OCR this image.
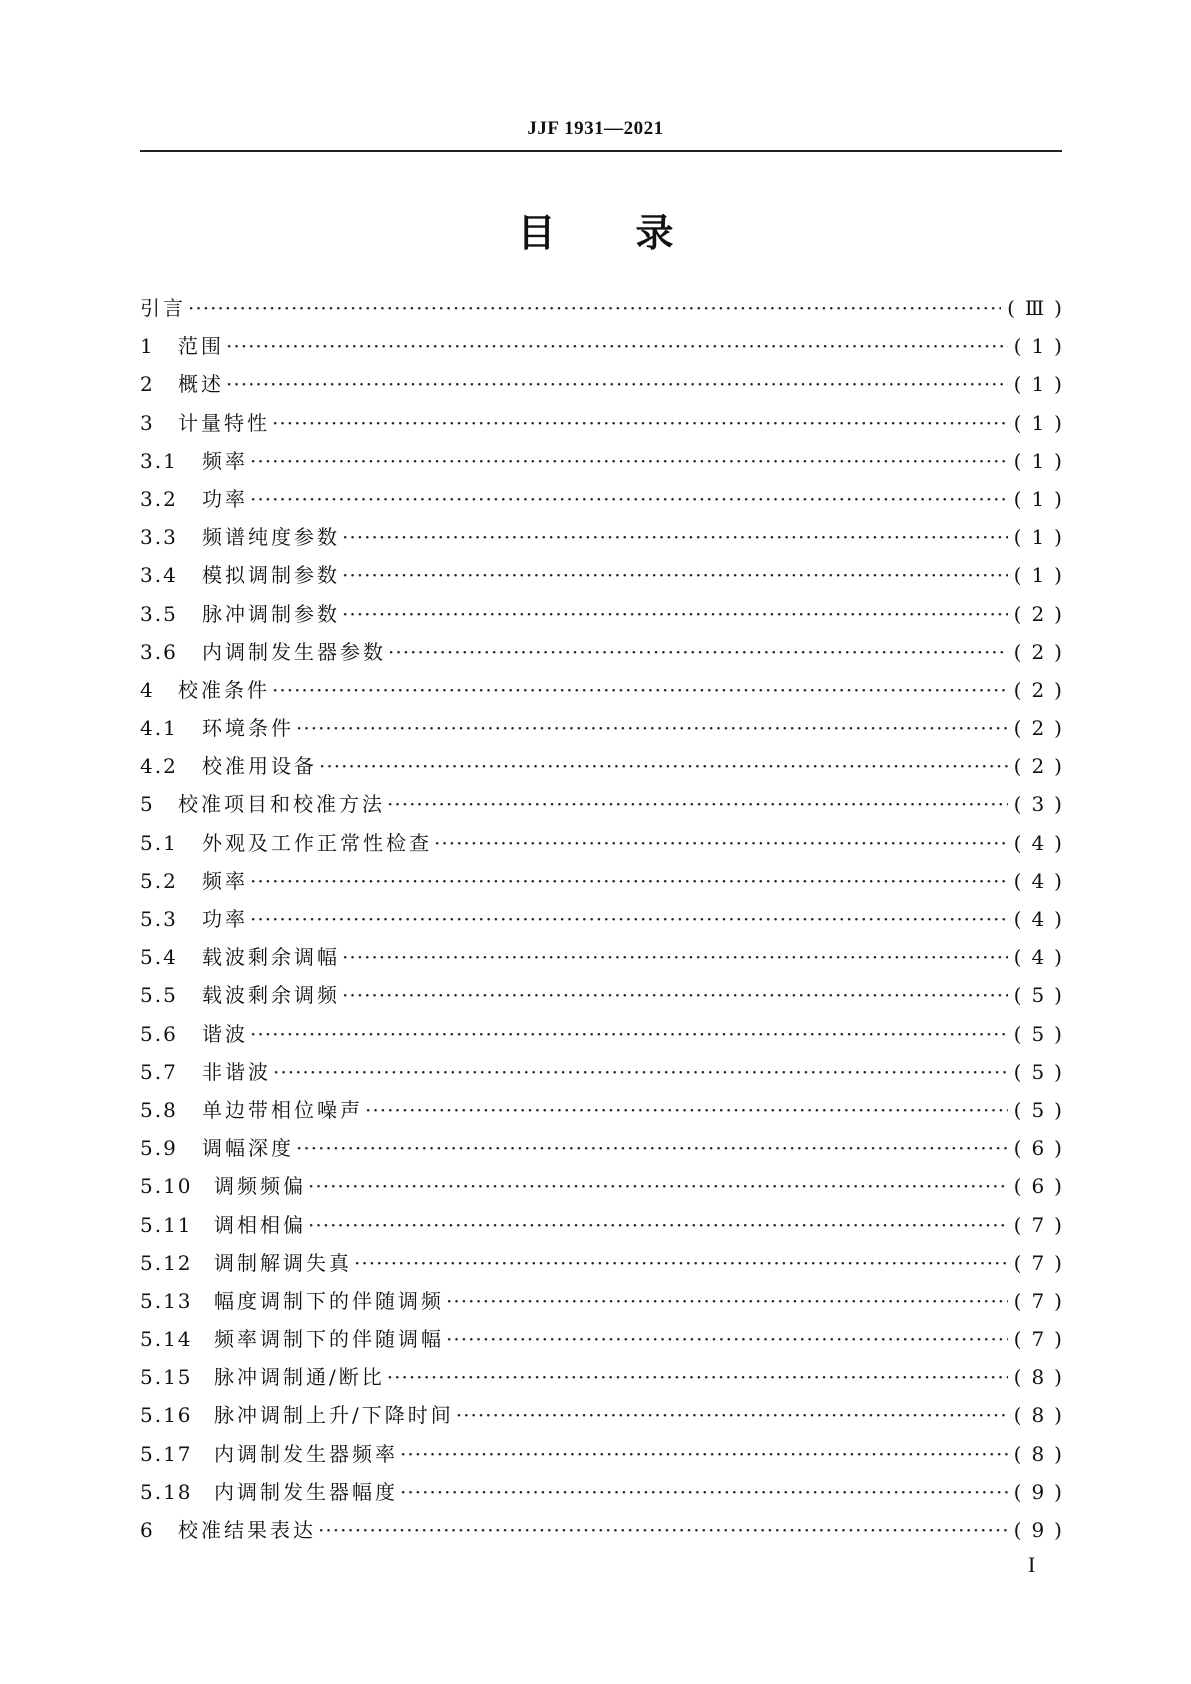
JJF 1931—2021
目录
引言 ·····	(Ⅲ)
1	范围 ·····	(1)
2	概述 ·····	(1)
3	计量特性 ·····	(1)
3.1	频率 ·····	(1)
3.2	功率 ·····	(1)
3.3	频谱纯度参数 ·····	(1)
3.4	模拟调制参数 ·····	(1)
3.5	脉冲调制参数 ·····	(2)
3.6	内调制发生器参数 ·····	(2)
4	校准条件 ·····	(2)
4.1	环境条件 ·····	(2)
4.2	校准用设备 ·····	(2)
5	校准项目和校准方法 ·····	(3)
5.1	外观及工作正常性检查 ·····	(4)
5.2	频率 ·····	(4)
5.3	功率 ·····	(4)
5.4	载波剩余调幅 ·····	(4)
5.5	载波剩余调频 ·····	(5)
5.6	谐波 ·····	(5)
5.7	非谐波 ·····	(5)
5.8	单边带相位噪声 ·····	(5)
5.9	调幅深度 ·····	(6)
5.10	调频频偏 ·····	(6)
5.11	调相相偏 ·····	(7)
5.12	调制解调失真 ·····	(7)
5.13	幅度调制下的伴随调频 ·····	(7)
5.14	频率调制下的伴随调幅 ·····	(7)
5.15	脉冲调制通/断比 ·····	(8)
5.16	脉冲调制上升/下降时间 ·····	(8)
5.17	内调制发生器频率 ·····	(8)
5.18	内调制发生器幅度 ·····	(9)
6	校准结果表达 ·····	(9)
I
